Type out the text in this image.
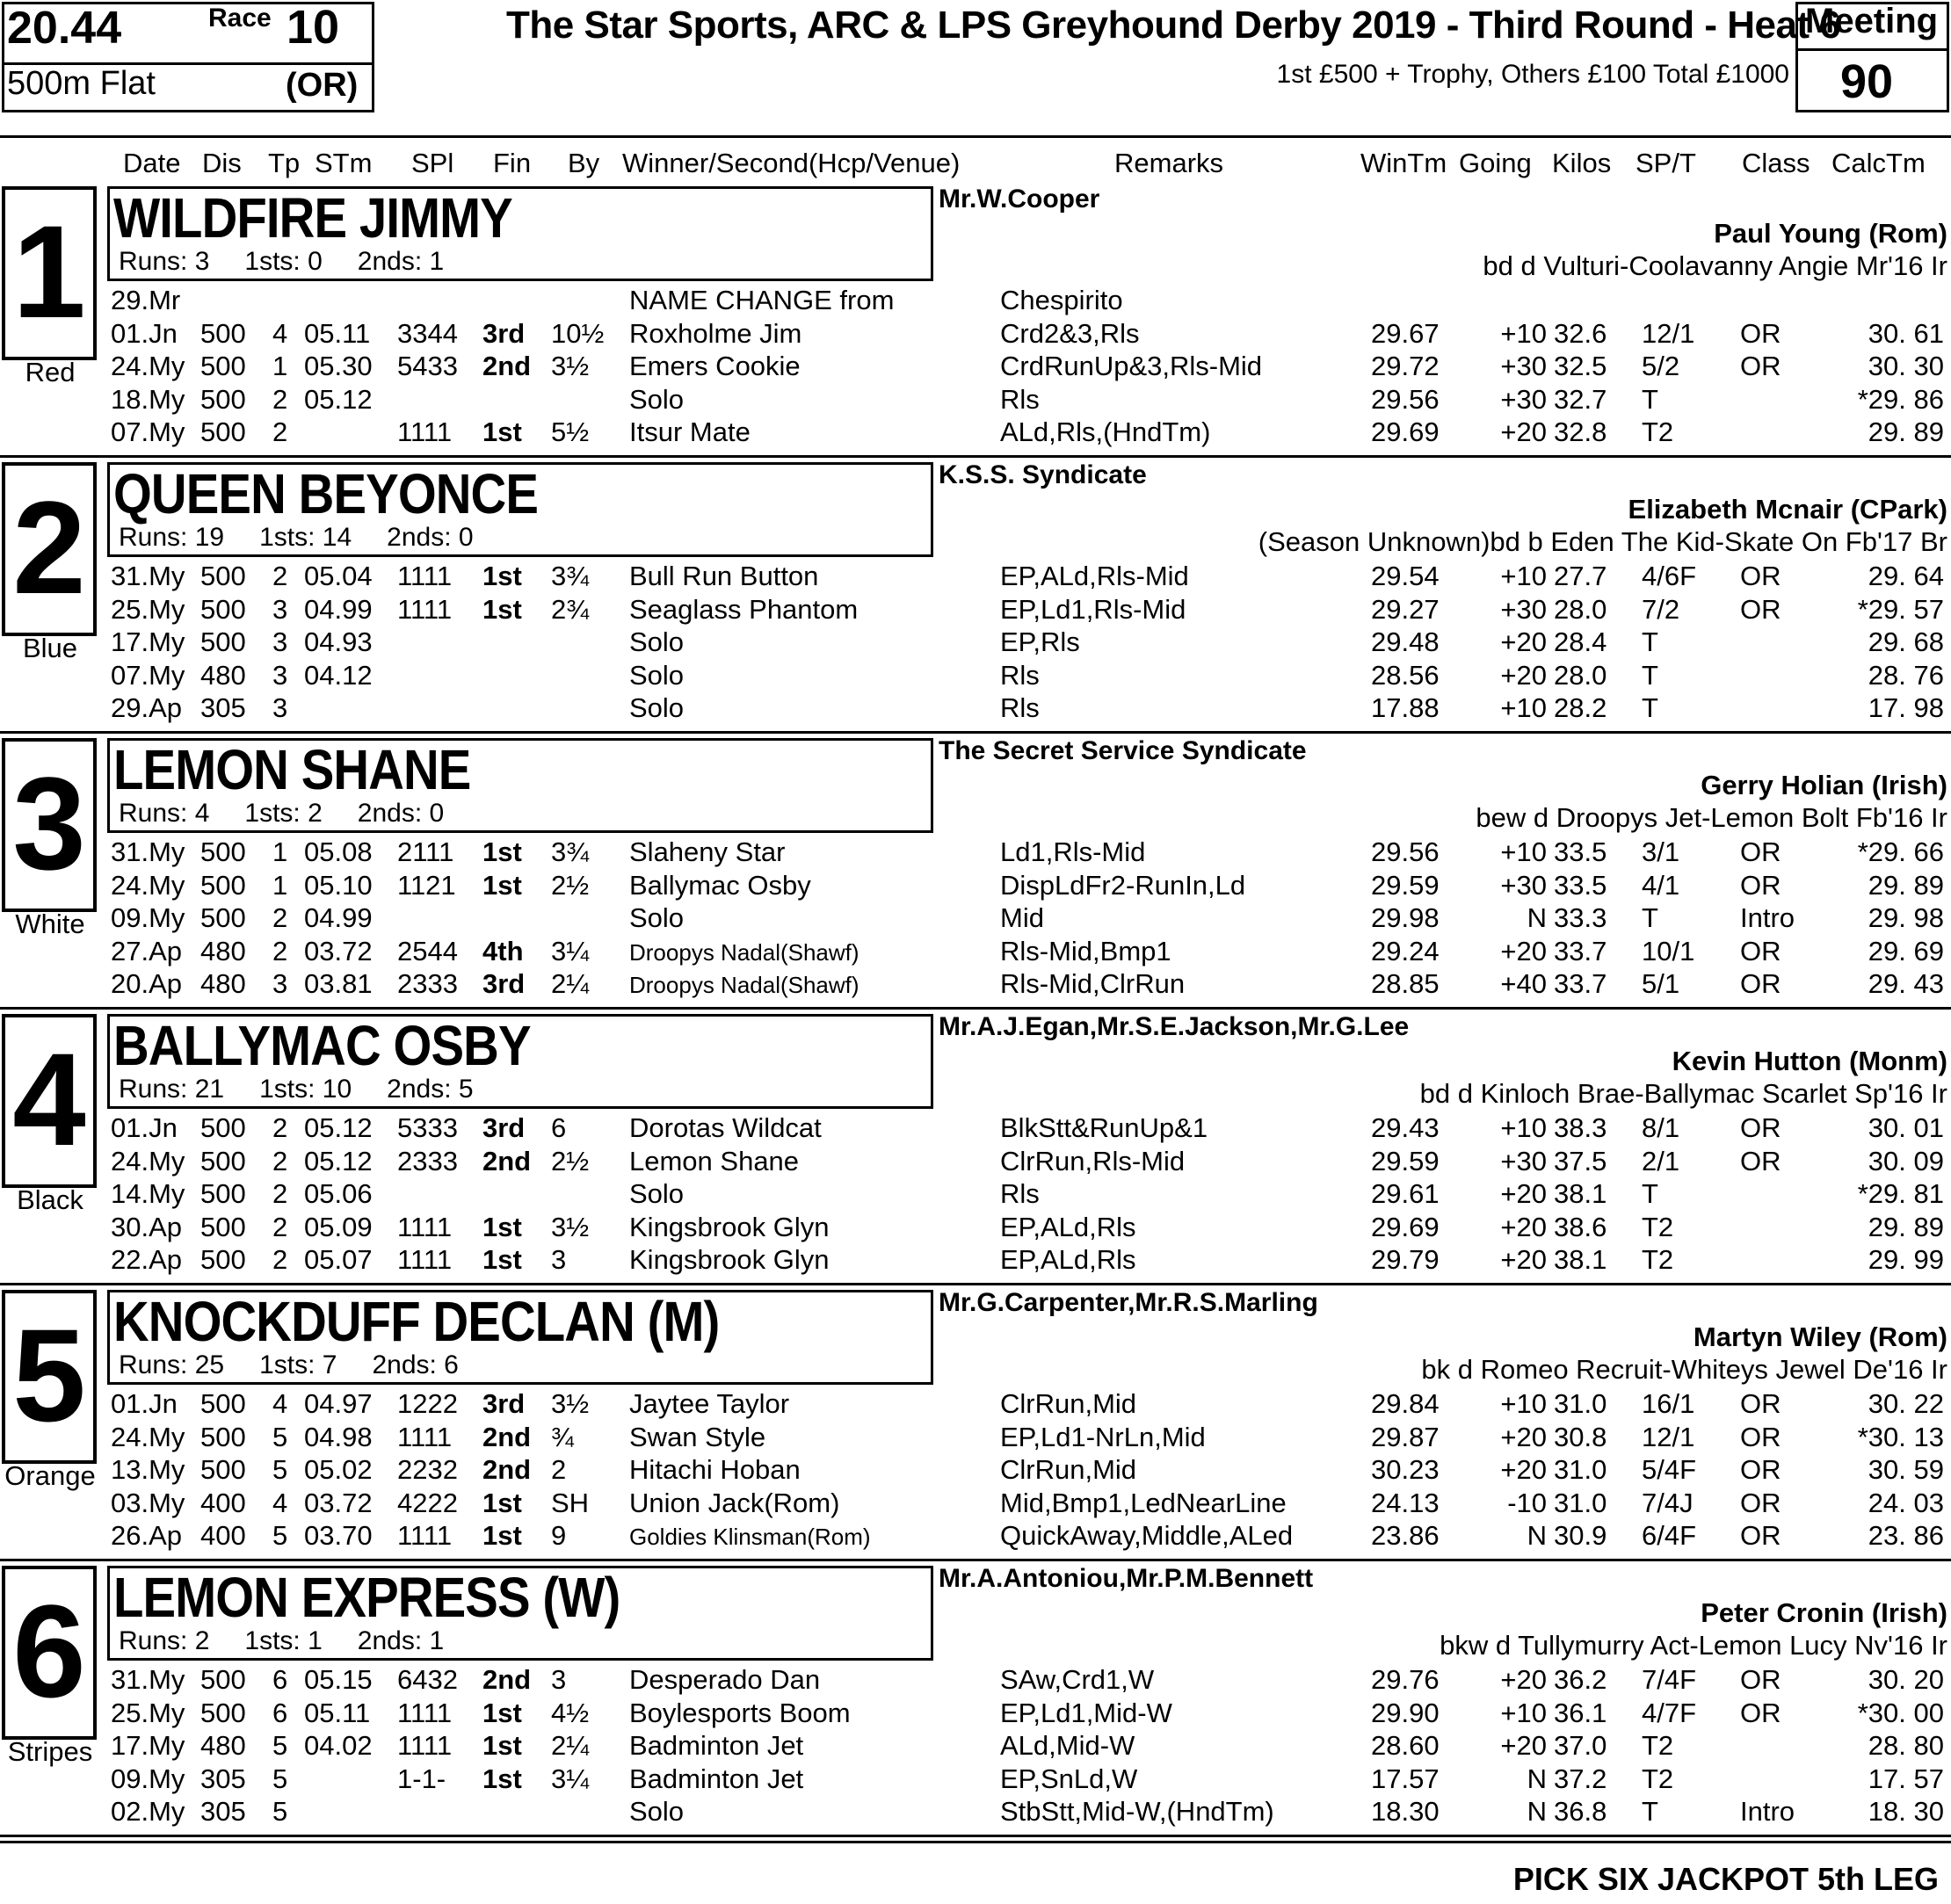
20.44	Race 10
500m Flat	(OR)
The Star Sports, ARC & LPS Greyhound Derby 2019 - Third Round - Heat 6
1st £500 + Trophy, Others £100 Total £1000
Meeting
90
Date Dis Tp STm SPl Fin By Winner/Second(Hcp/Venue)	Remarks	WinTm Going Kilos SP/T Class CalcTm
1
Red
WILDFIRE JIMMY
Runs: 3 1sts: 0 2nds: 1
Mr.W.Cooper
Paul Young (Rom)
bd d Vulturi-Coolavanny Angie Mr'16 Ir
29.Mr	NAME CHANGE from	Chespirito
01.Jn 500 4 05.11 3344 3rd 10½ Roxholme Jim	Crd2&3,Rls	29.67 +10 32.6 12/1 OR	30. 61
24.My 500 1 05.30 5433 2nd 3½ Emers Cookie	CrdRunUp&3,Rls-Mid	29.72 +30 32.5 5/2 OR	30. 30
18.My 500 2 05.12	Solo	Rls	29.56 +30 32.7 T	*29. 86
07.My 500 2	1111 1st 5½ Itsur Mate	ALd,Rls,(HndTm)	29.69 +20 32.8 T2	29. 89
2
Blue
QUEEN BEYONCE
Runs: 19 1sts: 14 2nds: 0
K.S.S. Syndicate
Elizabeth Mcnair (CPark)
(Season Unknown)bd b Eden The Kid-Skate On Fb'17 Br
31.My 500 2 05.04 1111 1st 3¾ Bull Run Button	EP,ALd,Rls-Mid	29.54 +10 27.7 4/6F OR	29. 64
25.My 500 3 04.99 1111 1st 2¾ Seaglass Phantom	EP,Ld1,Rls-Mid	29.27 +30 28.0 7/2 OR	*29. 57
17.My 500 3 04.93	Solo	EP,Rls	29.48 +20 28.4 T	29. 68
07.My 480 3 04.12	Solo	Rls	28.56 +20 28.0 T	28. 76
29.Ap 305 3	Solo	Rls	17.88 +10 28.2 T	17. 98
3
White
LEMON SHANE
Runs: 4 1sts: 2 2nds: 0
The Secret Service Syndicate
Gerry Holian (Irish)
bew d Droopys Jet-Lemon Bolt Fb'16 Ir
31.My 500 1 05.08 2111 1st 3¾ Slaheny Star	Ld1,Rls-Mid	29.56 +10 33.5 3/1 OR	*29. 66
24.My 500 1 05.10 1121 1st 2½ Ballymac Osby	DispLdFr2-RunIn,Ld	29.59 +30 33.5 4/1 OR	29. 89
09.My 500 2 04.99	Solo	Mid	29.98	N 33.3 T	Intro	29. 98
27.Ap 480 2 03.72 2544 4th 3¼ Droopys Nadal(Shawf)	Rls-Mid,Bmp1	29.24 +20 33.7 10/1 OR	29. 69
20.Ap 480 3 03.81 2333 3rd 2¼ Droopys Nadal(Shawf)	Rls-Mid,ClrRun	28.85 +40 33.7 5/1 OR	29. 43
4
Black
BALLYMAC OSBY
Runs: 21 1sts: 10 2nds: 5
Mr.A.J.Egan,Mr.S.E.Jackson,Mr.G.Lee
Kevin Hutton (Monm)
bd d Kinloch Brae-Ballymac Scarlet Sp'16 Ir
01.Jn 500 2 05.12 5333 3rd 6 Dorotas Wildcat	BlkStt&RunUp&1	29.43 +10 38.3 8/1 OR	30. 01
24.My 500 2 05.12 2333 2nd 2½ Lemon Shane	ClrRun,Rls-Mid	29.59 +30 37.5 2/1 OR	30. 09
14.My 500 2 05.06	Solo	Rls	29.61 +20 38.1 T	*29. 81
30.Ap 500 2 05.09 1111 1st 3½ Kingsbrook Glyn	EP,ALd,Rls	29.69 +20 38.6 T2	29. 89
22.Ap 500 2 05.07 1111 1st 3 Kingsbrook Glyn	EP,ALd,Rls	29.79 +20 38.1 T2	29. 99
5
Orange
KNOCKDUFF DECLAN (M)
Runs: 25 1sts: 7 2nds: 6
Mr.G.Carpenter,Mr.R.S.Marling
Martyn Wiley (Rom)
bk d Romeo Recruit-Whiteys Jewel De'16 Ir
01.Jn 500 4 04.97 1222 3rd 3½ Jaytee Taylor	ClrRun,Mid	29.84 +10 31.0 16/1 OR	30. 22
24.My 500 5 04.98 1111 2nd ¾ Swan Style	EP,Ld1-NrLn,Mid	29.87 +20 30.8 12/1 OR	*30. 13
13.My 500 5 05.02 2232 2nd 2 Hitachi Hoban	ClrRun,Mid	30.23 +20 31.0 5/4F OR	30. 59
03.My 400 4 03.72 4222 1st SH Union Jack(Rom)	Mid,Bmp1,LedNearLine	24.13	-10 31.0 7/4J OR	24. 03
26.Ap 400 5 03.70 1111 1st 9	Goldies Klinsman(Rom)	QuickAway,Middle,ALed	23.86	N 30.9 6/4F OR	23. 86
6
Stripes
LEMON EXPRESS (W)
Runs: 2 1sts: 1 2nds: 1
Mr.A.Antoniou,Mr.P.M.Bennett
Peter Cronin (Irish)
bkw d Tullymurry Act-Lemon Lucy Nv'16 Ir
31.My 500 6 05.15 6432 2nd 3 Desperado Dan	SAw,Crd1,W	29.76 +20 36.2 7/4F OR	30. 20
25.My 500 6 05.11 1111 1st 4½ Boylesports Boom	EP,Ld1,Mid-W	29.90 +10 36.1 4/7F OR	*30. 00
17.My 480 5 04.02 1111 1st 2¼ Badminton Jet	ALd,Mid-W	28.60 +20 37.0 T2	28. 80
09.My 305 5	1-1- 1st 3¼ Badminton Jet	EP,SnLd,W	17.57	N 37.2 T2	17. 57
02.My 305 5	Solo	StbStt,Mid-W,(HndTm)	18.30	N 36.8 T	Intro	18. 30
PICK SIX JACKPOT 5th LEG
